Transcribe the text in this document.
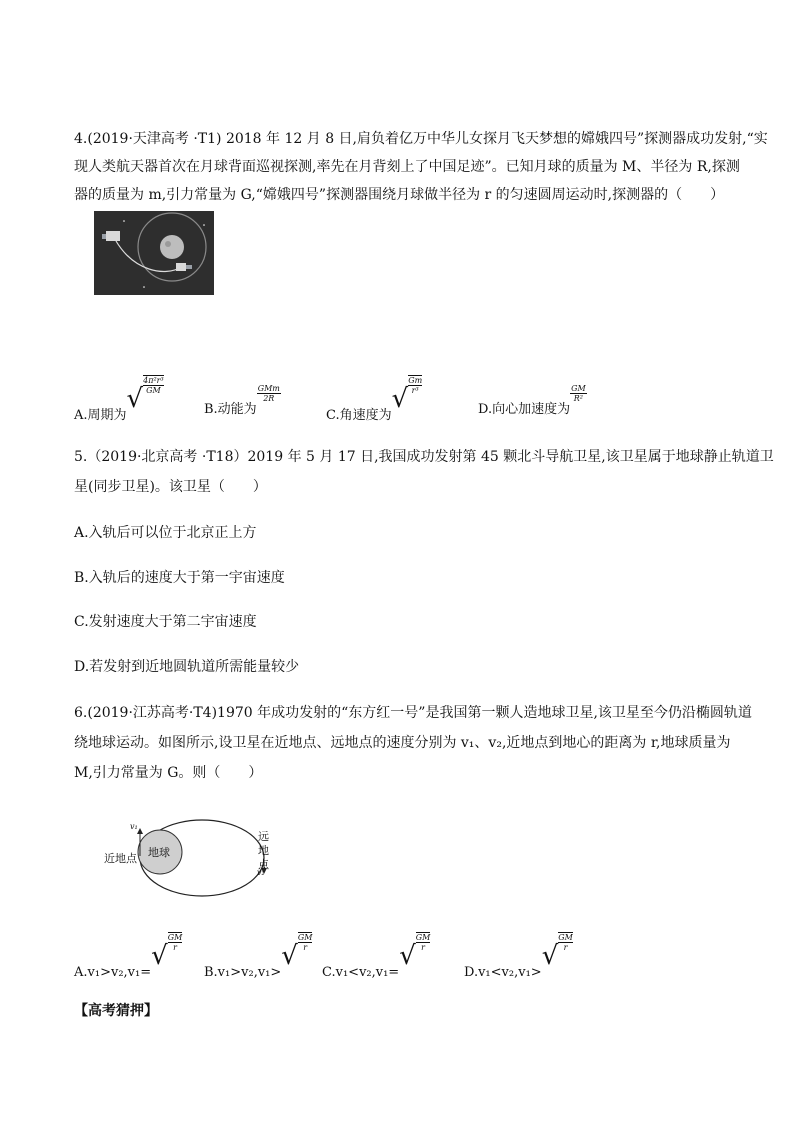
4.(2019·天津高考 ·T1) 2018 年 12 月 8 日,肩负着亿万中华儿女探月飞天梦想的嫦娥四号”探测器成功发射,“实
现人类航天器首次在月球背面巡视探测,率先在月背刻上了中国足迹”。已知月球的质量为 M、半径为 R,探测
器的质量为 m,引力常量为 G,“嫦娥四号”探测器围绕月球做半径为 r 的匀速圆周运动时,探测器的（　　）
A.周期为√ $\frac{\text{4π²r³}}{GM}$
B.动能为
$\frac{\text{GMm}}{2R}$
C.角速度为√ $\frac{Gm}{\text{r³}}$
D.向心加速度为
$\frac{GM}{\text{R²}}$
5.（2019·北京高考 ·T18）2019 年 5 月 17 日,我国成功发射第 45 颗北斗导航卫星,该卫星属于地球静止轨道卫
星(同步卫星)。该卫星（　　）
A.入轨后可以位于北京正上方
B.入轨后的速度大于第一宇宙速度
C.发射速度大于第二宇宙速度
D.若发射到近地圆轨道所需能量较少
6.(2019·江苏高考·T4)1970 年成功发射的“东方红一号”是我国第一颗人造地球卫星,该卫星至今仍沿椭圆轨道
绕地球运动。如图所示,设卫星在近地点、远地点的速度分别为 v₁、v₂,近地点到地心的距离为 r,地球质量为
M,引力常量为 G。则（　　）
地球
近地点
v₁
远
地
点
v₂
$A.v_1>v_2,v_1=√ \frac{GM}{r}$
$B.v_1>v_2,v_1>√ \frac{GM}{r}$
$C.v_1<v_2,v_1=√ \frac{GM}{r}$
$D.v_1<v_2,v_1>√ \frac{GM}{r}$
【高考猜押】
